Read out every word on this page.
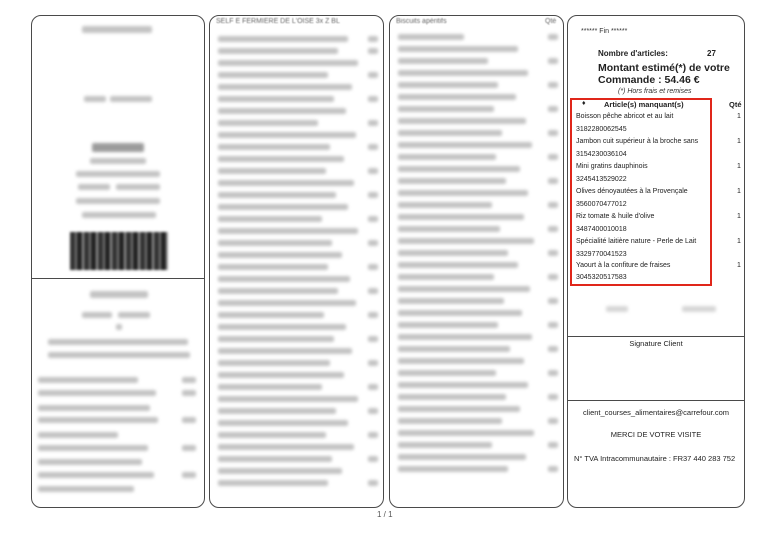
SELF E FERMIERE DE L'OISE 3x Z BL	Biscuits apéritifs	Qté
****** Fin ******
Nombre d'articles:	27
Montant estimé(*) de votre
Commande : 54.46 €
(*) Hors frais et remises
♦ Article(s) manquant(s)	Qté
Boisson pêche abricot et au lait	1
3182280062545
Jambon cuit supérieur à la broche sans	1
3154230036104
Mini gratins dauphinois	1
3245413529022
Olives dénoyautées à la Provençale	1
3560070477012
Riz tomate & huile d'olive	1
3487400010018
Spécialité laitière nature - Perle de Lait	1
3329770041523
Yaourt à la confiture de fraises	1
3045320517583
Signature Client
client_courses_alimentaires@carrefour.com
MERCI DE VOTRE VISITE
N° TVA Intracommunautaire : FR37 440 283 752
1 / 1
